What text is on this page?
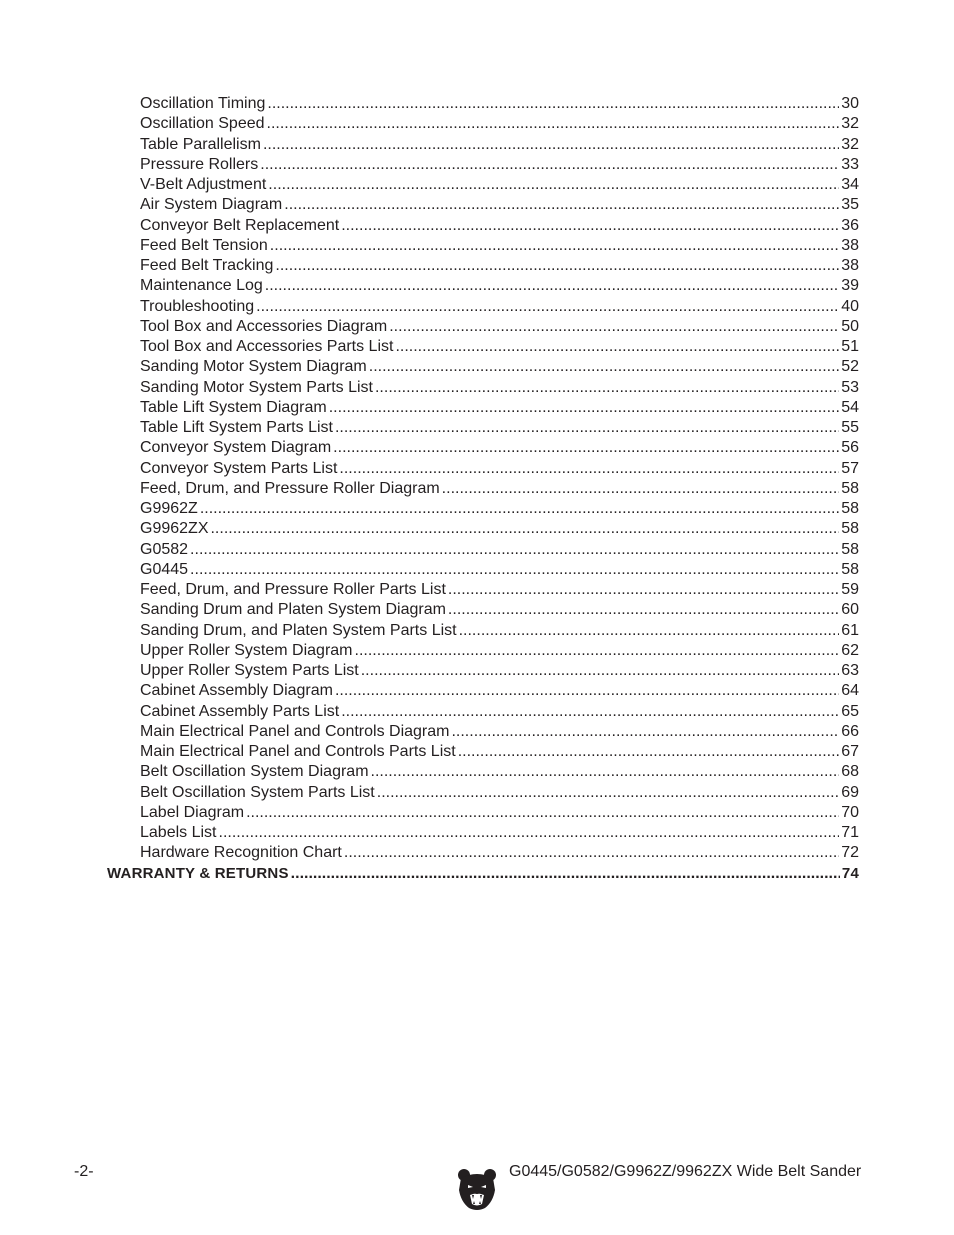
Oscillation Timing .....	30
Oscillation Speed .....	32
Table Parallelism .....	32
Pressure Rollers .....	33
V-Belt Adjustment .....	34
Air System Diagram .....	35
Conveyor Belt Replacement .....	36
Feed Belt Tension .....	38
Feed Belt Tracking .....	38
Maintenance Log .....	39
Troubleshooting .....	40
Tool Box and Accessories Diagram .....	50
Tool Box and Accessories Parts List .....	51
Sanding Motor System Diagram .....	52
Sanding Motor System Parts List .....	53
Table Lift System Diagram .....	54
Table Lift System Parts List .....	55
Conveyor System Diagram .....	56
Conveyor System Parts List .....	57
Feed, Drum, and Pressure Roller Diagram .....	58
G9962Z .....	58
G9962ZX .....	58
G0582 .....	58
G0445 .....	58
Feed, Drum, and Pressure Roller Parts List .....	59
Sanding Drum and Platen System Diagram .....	60
Sanding Drum, and Platen System Parts List .....	61
Upper Roller System Diagram .....	62
Upper Roller System Parts List .....	63
Cabinet Assembly Diagram .....	64
Cabinet Assembly Parts List .....	65
Main Electrical Panel and Controls Diagram .....	66
Main Electrical Panel and Controls Parts List .....	67
Belt Oscillation System Diagram .....	68
Belt Oscillation System Parts List .....	69
Label Diagram .....	70
Labels List .....	71
Hardware Recognition Chart .....	72
WARRANTY & RETURNS .....	74
-2-	G0445/G0582/G9962Z/9962ZX Wide Belt Sander
